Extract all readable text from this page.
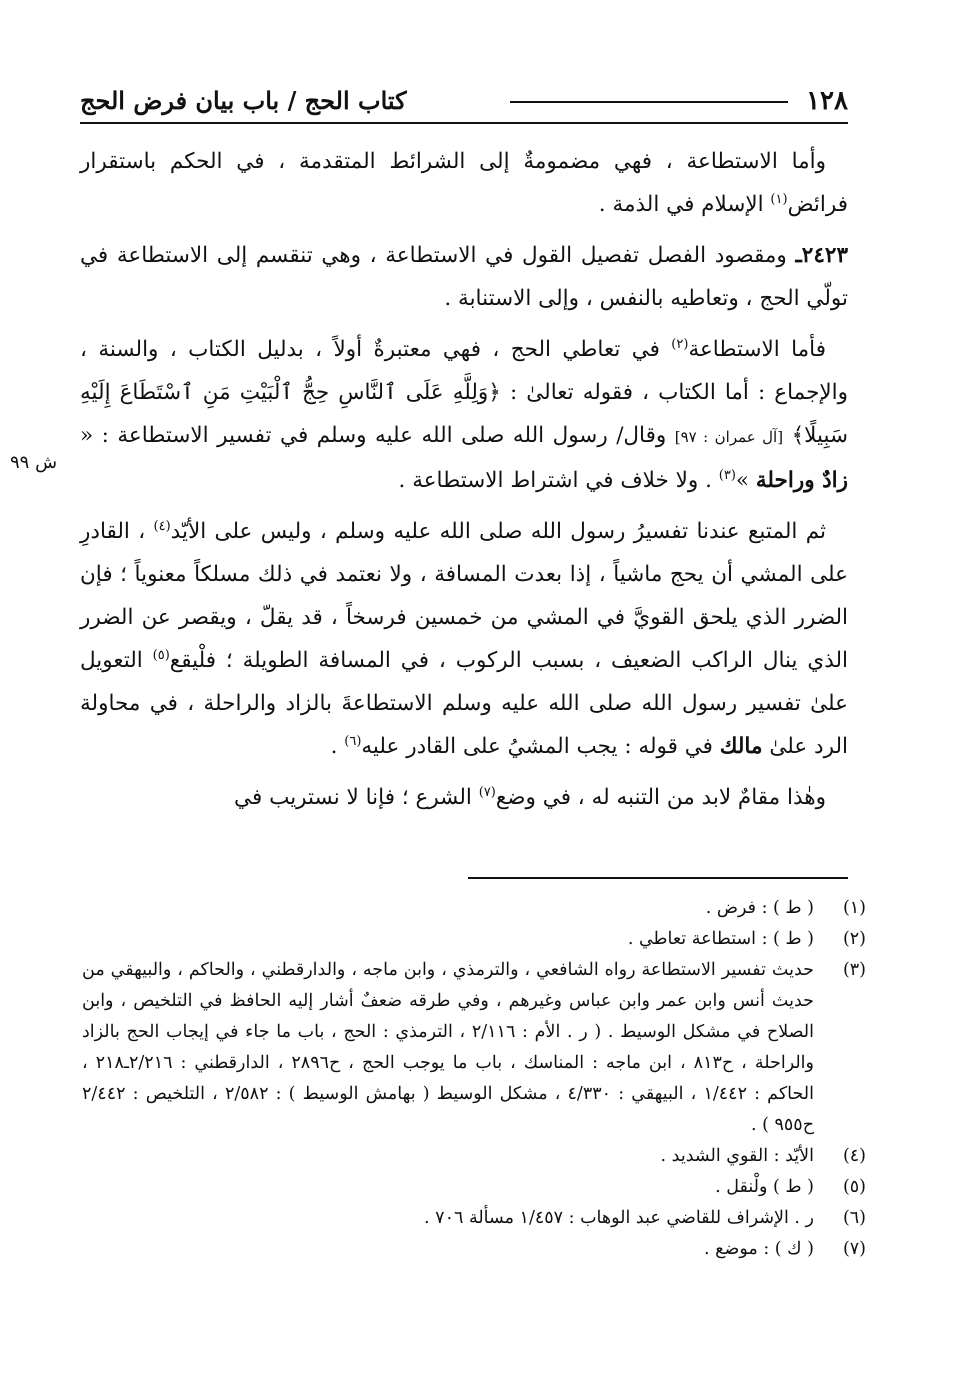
١٢٨
كتاب الحج / باب بيان فرض الحج
ش ٩٩

وأما الاستطاعة ، فهي مضمومةٌ إلى الشرائط المتقدمة ، في الحكم باستقرار فرائض$^{(١)}$ الإسلام في الذمة .

٢٤٢٣ـ ومقصود الفصل تفصيل القول في الاستطاعة ، وهي تنقسم إلى الاستطاعة في تولّي الحج ، وتعاطيه بالنفس ، وإلى الاستنابة .

فأما الاستطاعة$^{(٢)}$ في تعاطي الحج ، فهي معتبرةٌ أولاً ، بدليل الكتاب ، والسنة ، والإجماع : أما الكتاب ، فقوله تعالىٰ : ﴿وَلِلَّهِ عَلَى ٱلنَّاسِ حِجُّ ٱلْبَيْتِ مَنِ ٱسْتَطَاعَ إِلَيْهِ سَبِيلًا﴾ [آل عمران : ٩٧] وقال/ رسول الله صلى الله عليه وسلم في تفسير الاستطاعة : « زادٌ وراحلة »$^{(٣)}$ . ولا خلاف في اشتراط الاستطاعة .

ثم المتبع عندنا تفسيرُ رسول الله صلى الله عليه وسلم ، وليس على الأيّد$^{(٤)}$ ، القادرِ على المشي أن يحج ماشياً ، إذا بعدت المسافة ، ولا نعتمد في ذلك مسلكاً معنوياً ؛ فإن الضرر الذي يلحق القويَّ في المشي من خمسين فرسخاً ، قد يقلّ ، ويقصر عن الضرر الذي ينال الراكب الضعيف ، بسبب الركوب ، في المسافة الطويلة ؛ فلْيقع$^{(٥)}$ التعويل علىٰ تفسير رسول الله صلى الله عليه وسلم الاستطاعةَ بالزاد والراحلة ، في محاولة الرد علىٰ مالك في قوله : يجب المشيُ على القادر عليه$^{(٦)}$ .

وهٰذا مقامٌ لابد من التنبه له ، في وضع$^{(٧)}$ الشرع ؛ فإنا لا نستريب في

(١)
( ط ) : فرض .
(٢)
( ط ) : استطاعة تعاطي .
(٣)
حديث تفسير الاستطاعة رواه الشافعي ، والترمذي ، وابن ماجه ، والدارقطني ، والحاكم ، والبيهقي من حديث أنس وابن عمر وابن عباس وغيرهم ، وفي طرقه ضعفٌ أشار إليه الحافظ في التلخيص ، وابن الصلاح في مشكل الوسيط . ( ر . الأم : ٢/١١٦ ، الترمذي : الحج ، باب ما جاء في إيجاب الحج بالزاد والراحلة ، ح٨١٣ ، ابن ماجه : المناسك ، باب ما يوجب الحج ، ح٢٨٩٦ ، الدارقطني : ٢/٢١٦ـ٢١٨ ، الحاكم : ١/٤٤٢ ، البيهقي : ٤/٣٣٠ ، مشكل الوسيط ( بهامش الوسيط ) : ٢/٥٨٢ ، التلخيص : ٢/٤٤٢ ح٩٥٥ ) .
(٤)
الأيّد : القوي الشديد .
(٥)
( ط ) ولْنقل .
(٦)
ر . الإشراف للقاضي عبد الوهاب : ١/٤٥٧ مسألة ٧٠٦ .
(٧)
( ك ) : موضع .
